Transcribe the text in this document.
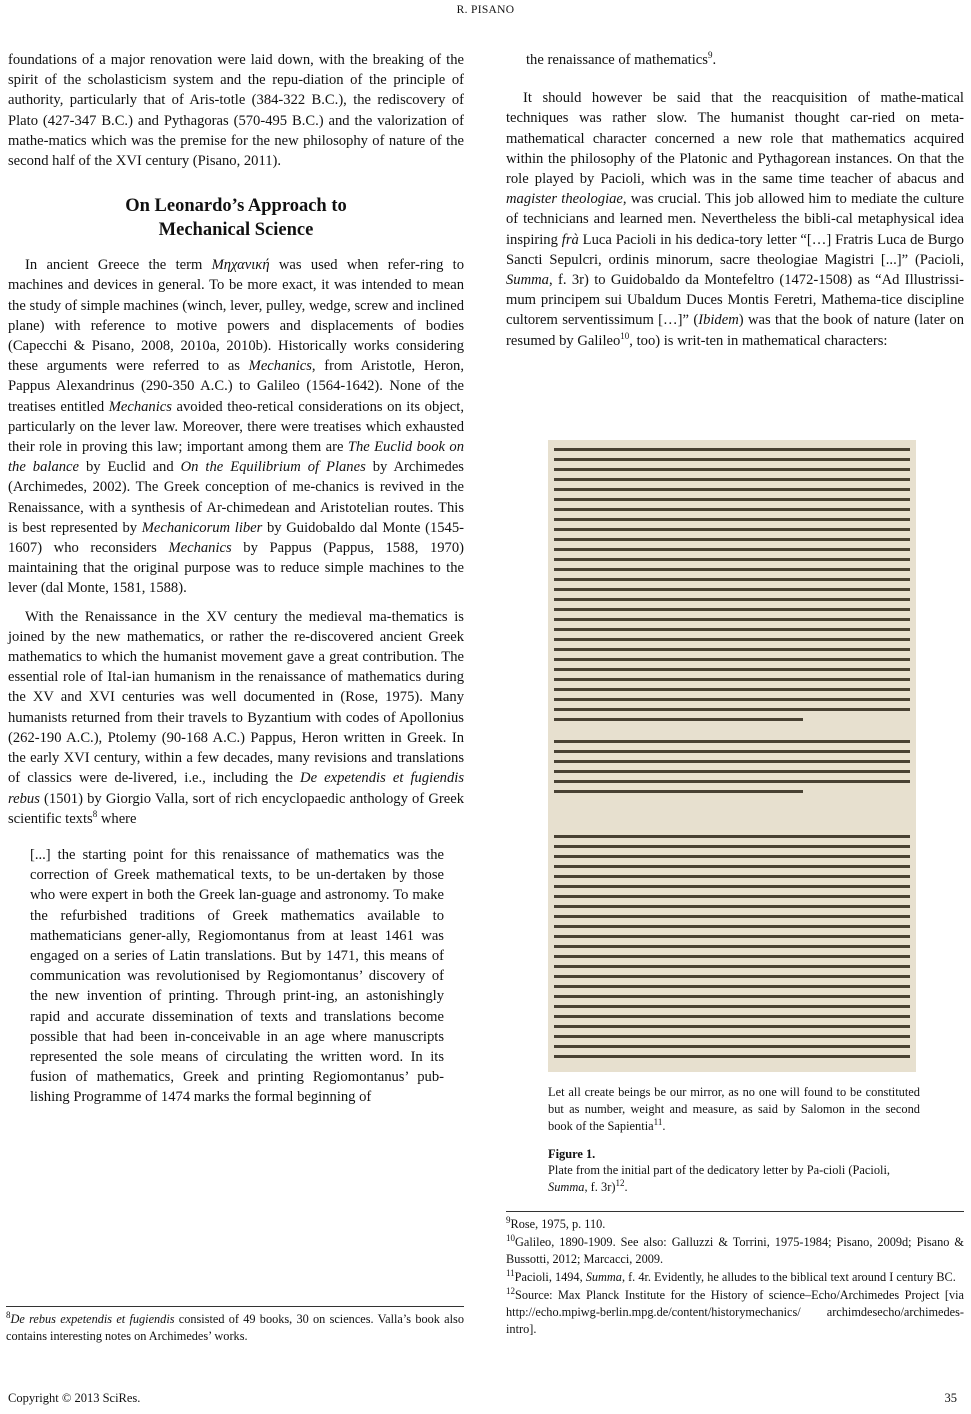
R. PISANO

foundations of a major renovation were laid down, with the breaking of the spirit of the scholasticism system and the repu-diation of the principle of authority, particularly that of Aris-totle (384-322 B.C.), the rediscovery of Plato (427-347 B.C.) and Pythagoras (570-495 B.C.) and the valorization of mathe-matics which was the premise for the new philosophy of nature of the second half of the XVI century (Pisano, 2011).

On Leonardo’s Approach to
Mechanical Science

In ancient Greece the term Μηχανική was used when refer-ring to machines and devices in general. To be more exact, it was intended to mean the study of simple machines (winch, lever, pulley, wedge, screw and inclined plane) with reference to motive powers and displacements of bodies (Capecchi & Pisano, 2008, 2010a, 2010b). Historically works considering these arguments were referred to as Mechanics, from Aristotle, Heron, Pappus Alexandrinus (290-350 A.C.) to Galileo (1564-1642). None of the treatises entitled Mechanics avoided theo-retical considerations on its object, particularly on the lever law. Moreover, there were treatises which exhausted their role in proving this law; important among them are The Euclid book on the balance by Euclid and On the Equilibrium of Planes by Archimedes (Archimedes, 2002). The Greek conception of me-chanics is revived in the Renaissance, with a synthesis of Ar-chimedean and Aristotelian routes. This is best represented by Mechanicorum liber by Guidobaldo dal Monte (1545-1607) who reconsiders Mechanics by Pappus (Pappus, 1588, 1970) maintaining that the original purpose was to reduce simple machines to the lever (dal Monte, 1581, 1588).

With the Renaissance in the XV century the medieval ma-thematics is joined by the new mathematics, or rather the re-discovered ancient Greek mathematics to which the humanist movement gave a great contribution. The essential role of Ital-ian humanism in the renaissance of mathematics during the XV and XVI centuries was well documented in (Rose, 1975). Many humanists returned from their travels to Byzantium with codes of Apollonius (262-190 A.C.), Ptolemy (90-168 A.C.) Pappus, Heron written in Greek. In the early XVI century, within a few decades, many revisions and translations of classics were de-livered, i.e., including the De expetendis et fugiendis rebus (1501) by Giorgio Valla, sort of rich encyclopaedic anthology of Greek scientific texts$^8$ where

[...] the starting point for this renaissance of mathematics was the correction of Greek mathematical texts, to be un-dertaken by those who were expert in both the Greek lan-guage and astronomy. To make the refurbished traditions of Greek mathematics available to mathematicians gener-ally, Regiomontanus from at least 1461 was engaged on a series of Latin translations. But by 1471, this means of communication was revolutionised by Regiomontanus’ discovery of the new invention of printing. Through print-ing, an astonishingly rapid and accurate dissemination of texts and translations become possible that had been in-conceivable in an age where manuscripts represented the sole means of circulating the written word. In its fusion of mathematics, Greek and printing Regiomontanus’ pub-lishing Programme of 1474 marks the formal beginning of

$^8$De rebus expetendis et fugiendis consisted of 49 books, 30 on sciences. Valla’s book also contains interesting notes on Archimedes’ works.

the renaissance of mathematics$^9$.

It should however be said that the reacquisition of mathe-matical techniques was rather slow. The humanist thought car-ried on meta-mathematical character concerned a new role that mathematics acquired within the philosophy of the Platonic and Pythagorean instances. On that the role played by Pacioli, which was in the same time teacher of abacus and magister theologiae, was crucial. This job allowed him to mediate the culture of technicians and learned men. Nevertheless the bibli-cal metaphysical idea inspiring frà Luca Pacioli in his dedica-tory letter “[…] Fratris Luca de Burgo Sancti Sepulcri, ordinis minorum, sacre theologiae Magistri [...]” (Pacioli, Summa, f. 3r) to Guidobaldo da Montefeltro (1472-1508) as “Ad Illustrissi-mum principem sui Ubaldum Duces Montis Feretri, Mathema-tice discipline cultorem serventissimum […]” (Ibidem) was that the book of nature (later on resumed by Galileo$^{10}$, too) is writ-ten in mathematical characters:

Let all create beings be our mirror, as no one will found to be constituted but as number, weight and measure, as said by Salomon in the second book of the Sapientia$^{11}$.
Figure 1.
Plate from the initial part of the dedicatory letter by Pa-cioli (Pacioli, Summa, f. 3r)$^{12}$.
$^9$Rose, 1975, p. 110.
$^{10}$Galileo, 1890-1909. See also: Galluzzi & Torrini, 1975-1984; Pisano, 2009d; Pisano & Bussotti, 2012; Marcacci, 2009.
$^{11}$Pacioli, 1494, Summa, f. 4r. Evidently, he alludes to the biblical text around I century BC.
$^{12}$Source: Max Planck Institute for the History of science–Echo/Archimedes Project [via http://echo.mpiwg-berlin.mpg.de/content/historymechanics/ archimdesecho/archimedes-intro].
Copyright © 2013 SciRes.	35
